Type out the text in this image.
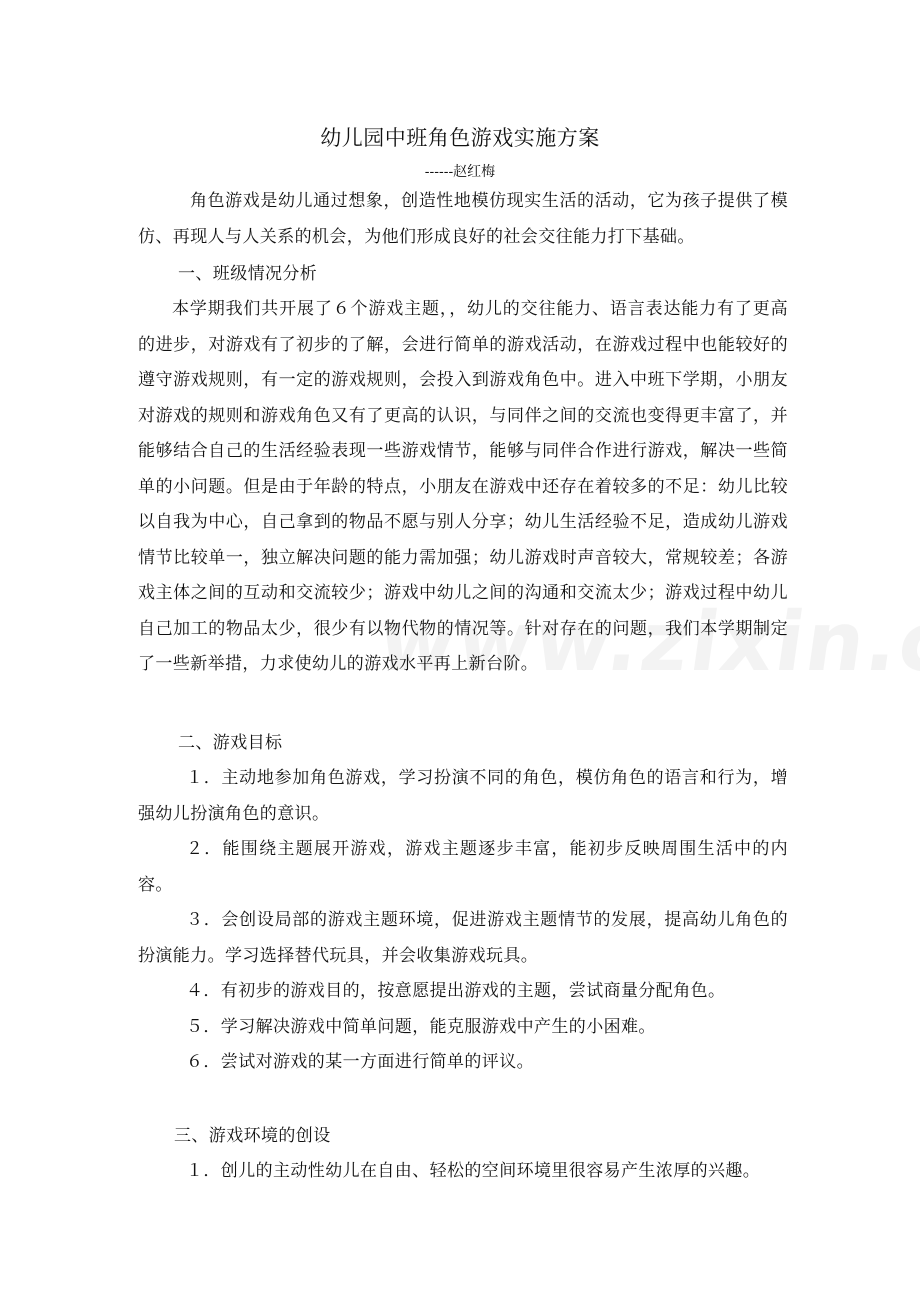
幼儿园中班角色游戏实施方案
------赵红梅
角色游戏是幼儿通过想象，创造性地模仿现实生活的活动，它为孩子提供了模仿、再现人与人关系的机会，为他们形成良好的社会交往能力打下基础。
一、班级情况分析
本学期我们共开展了６个游戏主题，，幼儿的交往能力、语言表达能力有了更高的进步，对游戏有了初步的了解，会进行简单的游戏活动，在游戏过程中也能较好的遵守游戏规则，有一定的游戏规则，会投入到游戏角色中。进入中班下学期，小朋友对游戏的规则和游戏角色又有了更高的认识，与同伴之间的交流也变得更丰富了，并能够结合自己的生活经验表现一些游戏情节，能够与同伴合作进行游戏，解决一些简单的小问题。但是由于年龄的特点，小朋友在游戏中还存在着较多的不足：幼儿比较以自我为中心，自己拿到的物品不愿与别人分享；幼儿生活经验不足，造成幼儿游戏情节比较单一，独立解决问题的能力需加强；幼儿游戏时声音较大，常规较差；各游戏主体之间的互动和交流较少；游戏中幼儿之间的沟通和交流太少；游戏过程中幼儿自己加工的物品太少，很少有以物代物的情况等。针对存在的问题，我们本学期制定了一些新举措，力求使幼儿的游戏水平再上新台阶。
二、游戏目标
１．主动地参加角色游戏，学习扮演不同的角色，模仿角色的语言和行为，增强幼儿扮演角色的意识。
２．能围绕主题展开游戏，游戏主题逐步丰富，能初步反映周围生活中的内容。
３．会创设局部的游戏主题环境，促进游戏主题情节的发展，提高幼儿角色的扮演能力。学习选择替代玩具，并会收集游戏玩具。
４．有初步的游戏目的，按意愿提出游戏的主题，尝试商量分配角色。
５．学习解决游戏中简单问题，能克服游戏中产生的小困难。
６．尝试对游戏的某一方面进行简单的评议。
三、游戏环境的创设
１．创儿的主动性幼儿在自由、轻松的空间环境里很容易产生浓厚的兴趣。
